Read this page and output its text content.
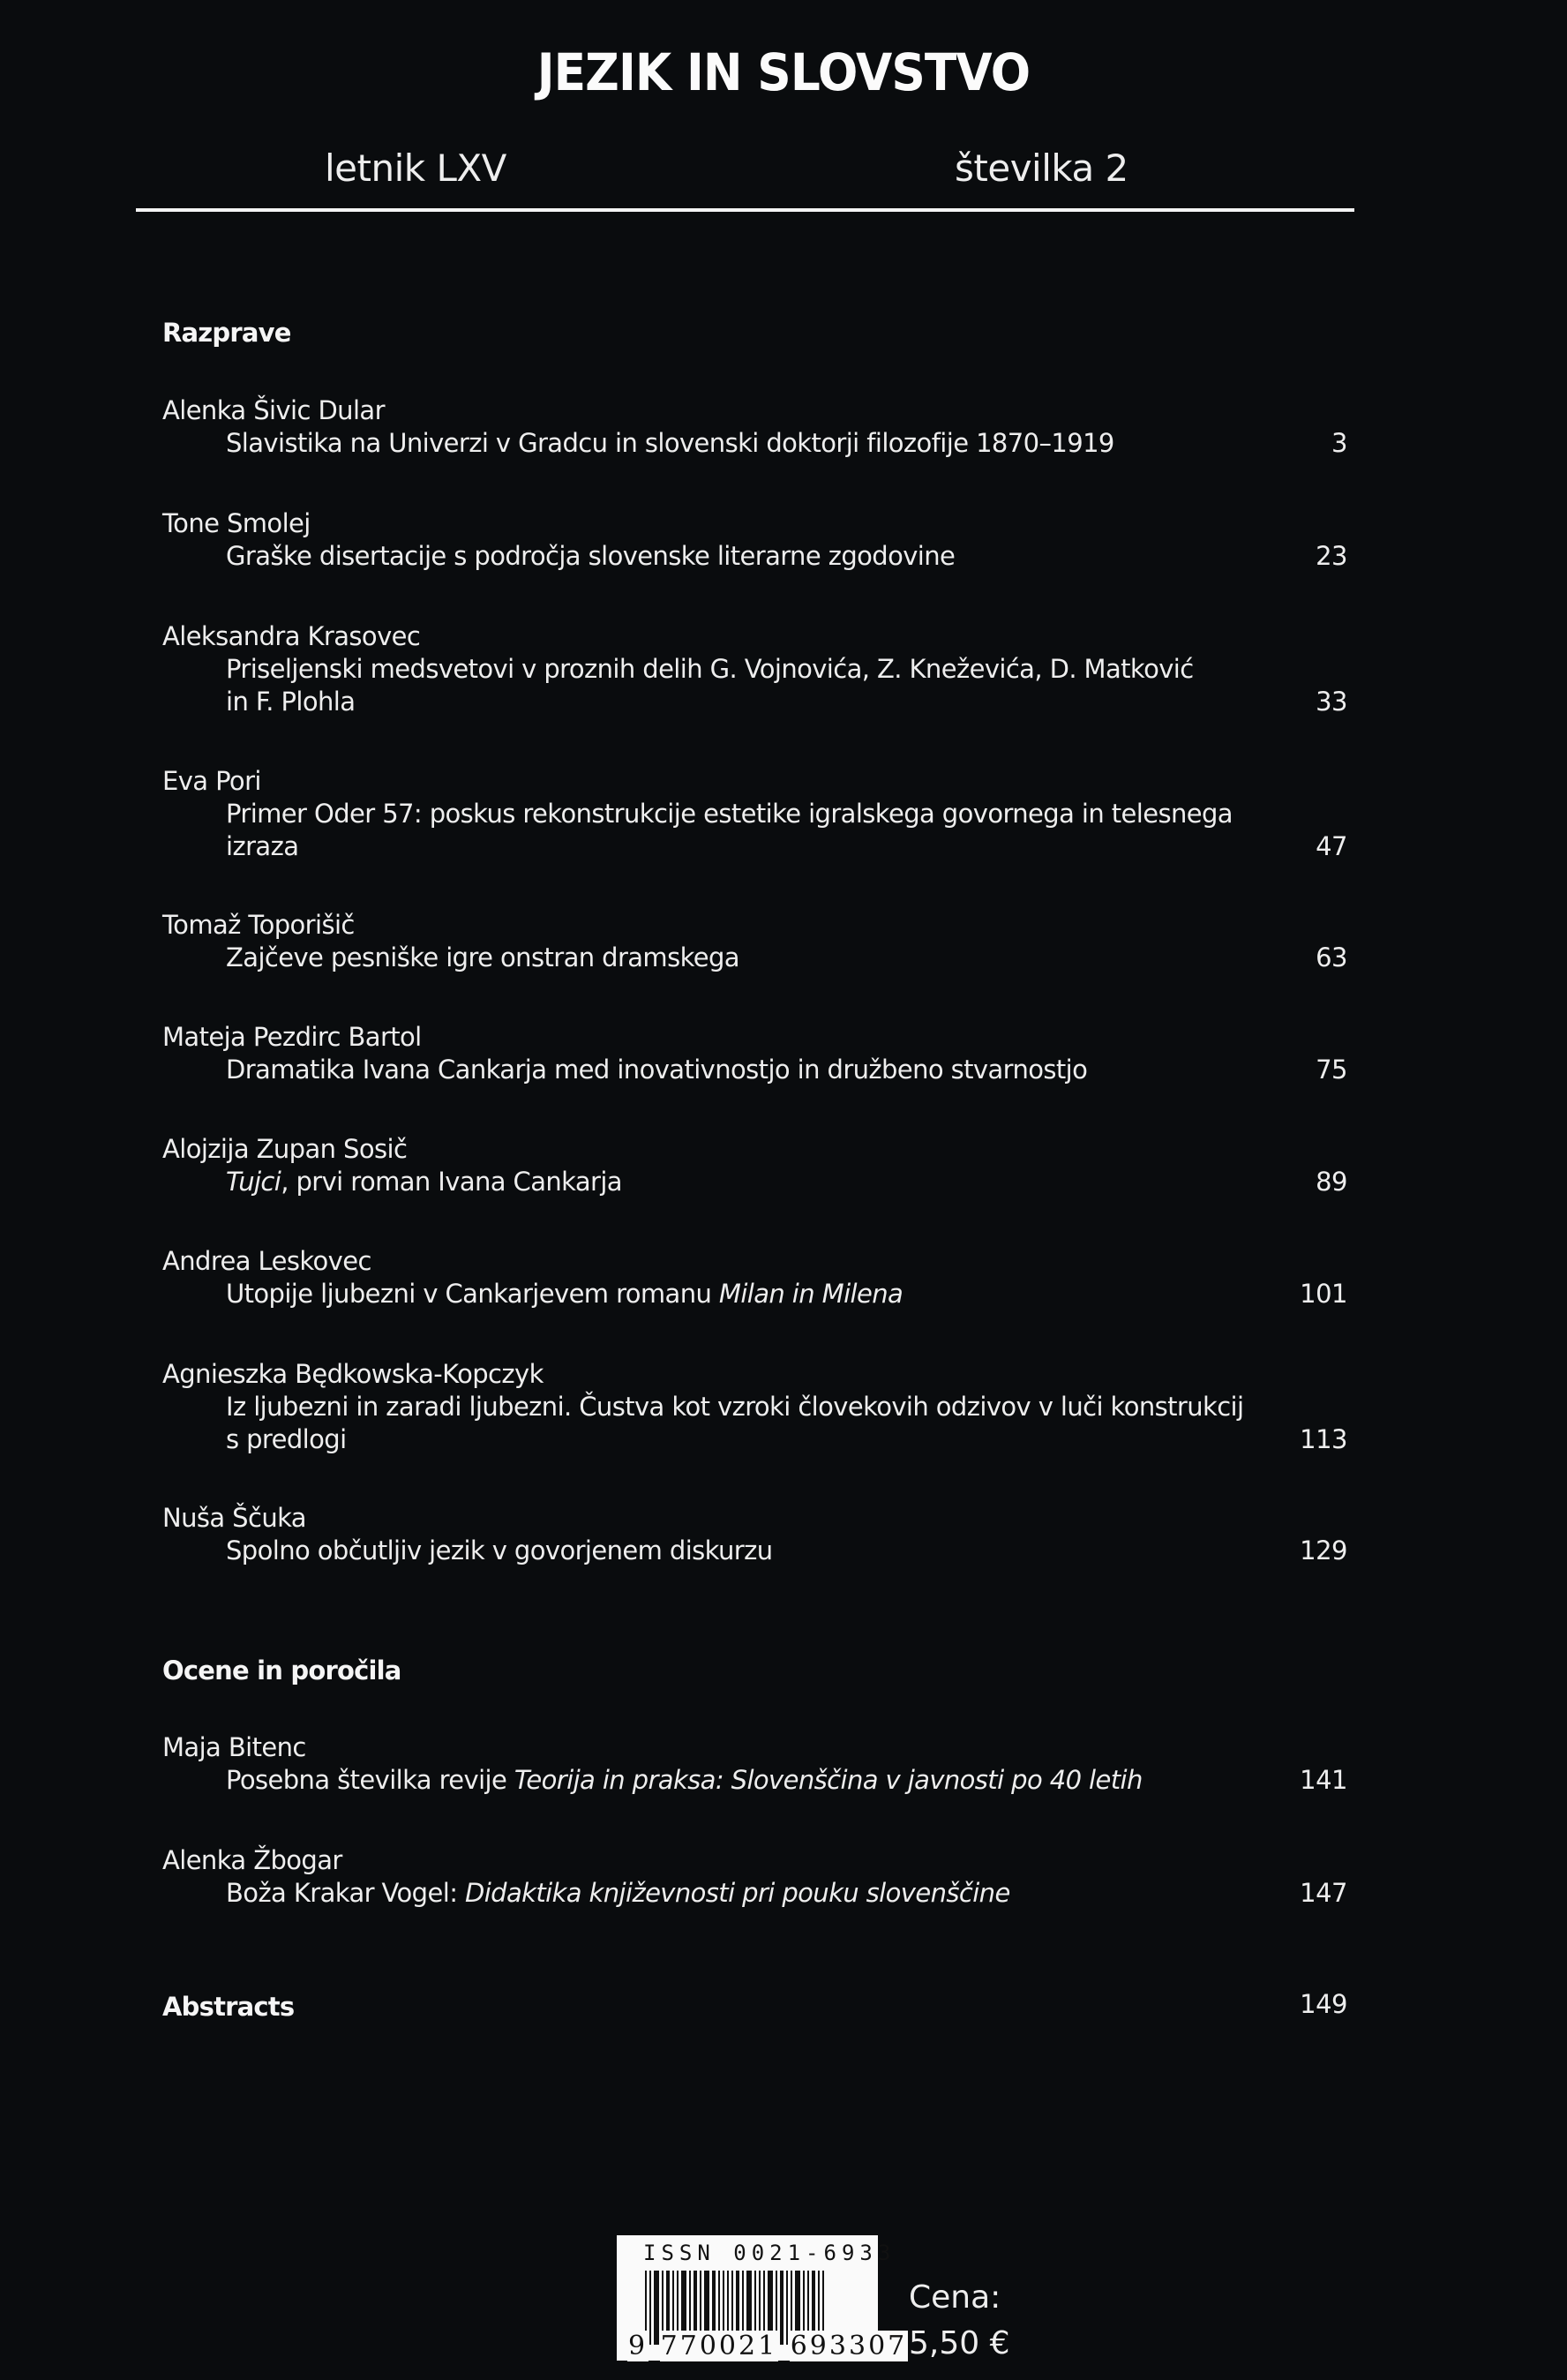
JEZIK IN SLOVSTVO
letnik LXV	številka 2
Razprave
Alenka Šivic Dular
Slavistika na Univerzi v Gradcu in slovenski doktorji filozofije 1870–1919	3
Tone Smolej
Graške disertacije s področja slovenske literarne zgodovine	23
Aleksandra Krasovec
Priseljenski medsvetovi v proznih delih G. Vojnovića, Z. Kneževića, D. Matković
in F. Plohla	33
Eva Pori
Primer Oder 57: poskus rekonstrukcije estetike igralskega govornega in telesnega
izraza	47
Tomaž Toporišič
Zajčeve pesniške igre onstran dramskega	63
Mateja Pezdirc Bartol
Dramatika Ivana Cankarja med inovativnostjo in družbeno stvarnostjo	75
Alojzija Zupan Sosič
Tujci, prvi roman Ivana Cankarja	89
Andrea Leskovec
Utopije ljubezni v Cankarjevem romanu Milan in Milena	101
Agnieszka Będkowska-Kopczyk
Iz ljubezni in zaradi ljubezni. Čustva kot vzroki človekovih odzivov v luči konstrukcij
s predlogi	113
Nuša Ščuka
Spolno občutljiv jezik v govorjenem diskurzu	129
Ocene in poročila
Maja Bitenc
Posebna številka revije Teorija in praksa: Slovenščina v javnosti po 40 letih	141
Alenka Žbogar
Boža Krakar Vogel: Didaktika književnosti pri pouku slovenščine	147
Abstracts	149
ISSN 0021-6933
9 770021 693307
Cena:
5,50 €
